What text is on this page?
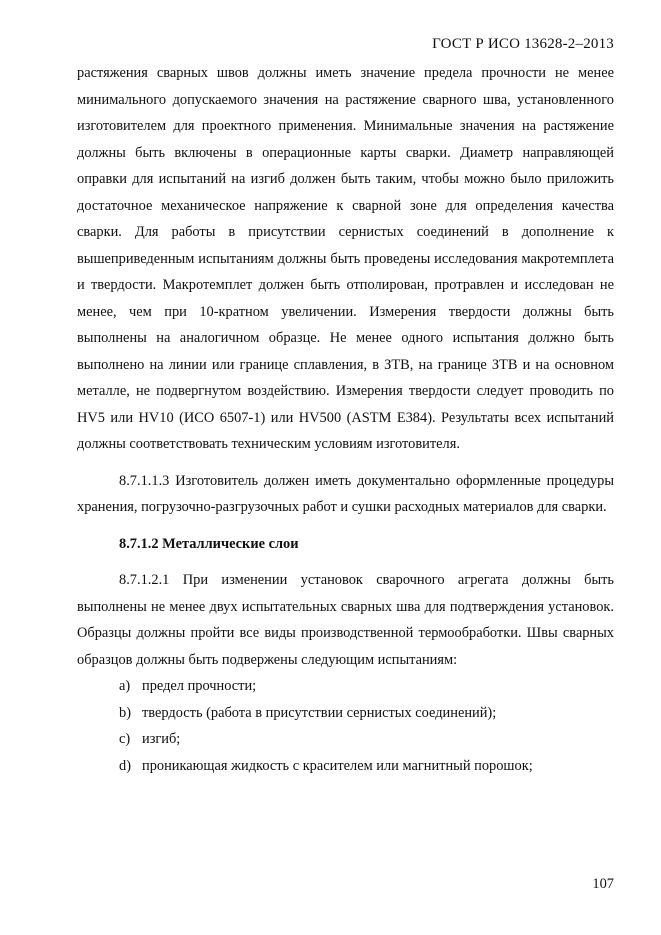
ГОСТ Р ИСО 13628-2–2013

растяжения сварных швов должны иметь значение предела прочности не менее минимального допускаемого значения на растяжение сварного шва, установленного изготовителем для проектного применения. Минимальные значения на растяжение должны быть включены в операционные карты сварки. Диаметр направляющей оправки для испытаний на изгиб должен быть таким, чтобы можно было приложить достаточное механическое напряжение к сварной зоне для определения качества сварки. Для работы в присутствии сернистых соединений в дополнение к вышеприведенным испытаниям должны быть проведены исследования макротемплета и твердости. Макротемплет должен быть отполирован, протравлен и исследован не менее, чем при 10-кратном увеличении. Измерения твердости должны быть выполнены на аналогичном образце. Не менее одного испытания должно быть выполнено на линии или границе сплавления, в ЗТВ, на границе ЗТВ и на основном металле, не подвергнутом воздействию. Измерения твердости следует проводить по HV5 или HV10 (ИСО 6507-1) или HV500 (ASTM E384). Результаты всех испытаний должны соответствовать техническим условиям изготовителя.

8.7.1.1.3 Изготовитель должен иметь документально оформленные процедуры хранения, погрузочно-разгрузочных работ и сушки расходных материалов для сварки.

8.7.1.2 Металлические слои

8.7.1.2.1 При изменении установок сварочного агрегата должны быть выполнены не менее двух испытательных сварных шва для подтверждения установок. Образцы должны пройти все виды производственной термообработки. Швы сварных образцов должны быть подвержены следующим испытаниям:

a) предел прочности;
b) твердость (работа в присутствии сернистых соединений);
c) изгиб;
d) проникающая жидкость с красителем или магнитный порошок;
107
